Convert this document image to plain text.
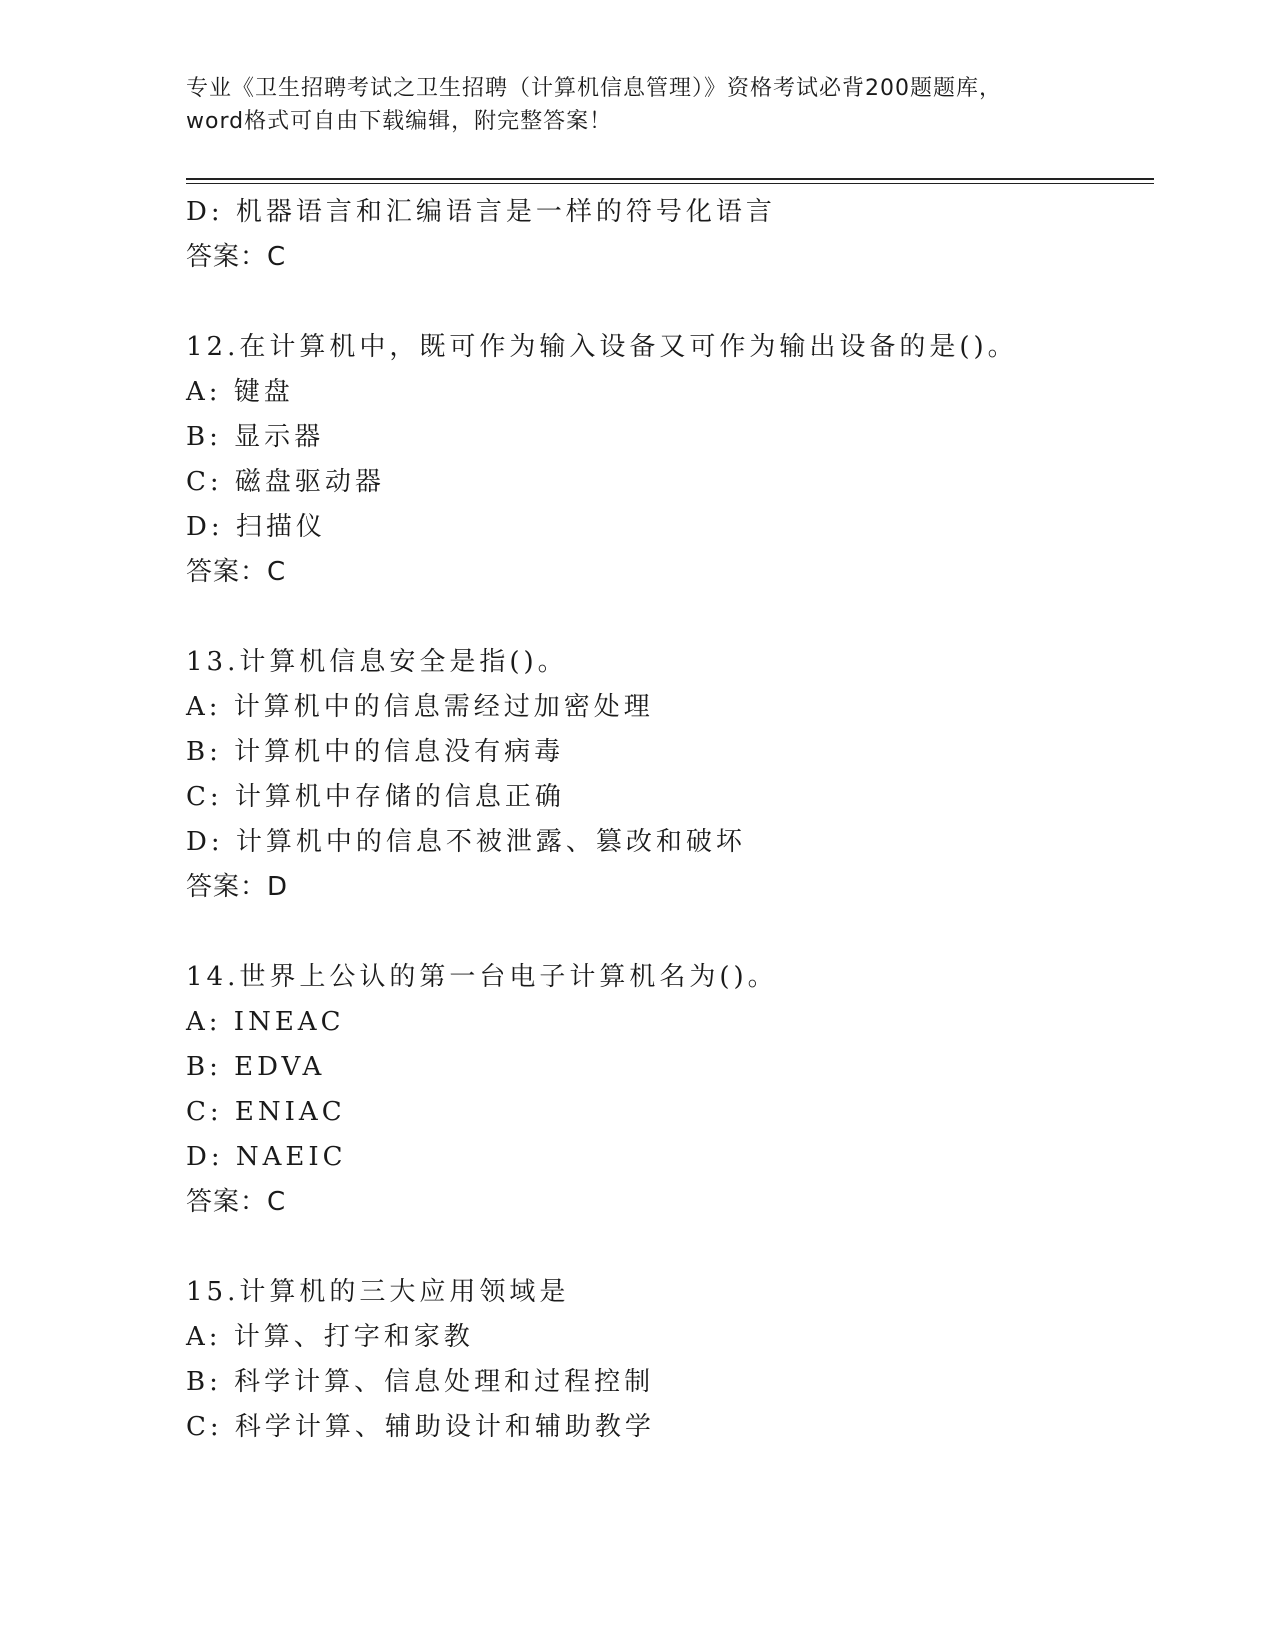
专业《卫生招聘考试之卫生招聘（计算机信息管理）》资格考试必背200题题库，
word格式可自由下载编辑，附完整答案！
D: 机器语言和汇编语言是一样的符号化语言
答案：C
12.在计算机中，既可作为输入设备又可作为输出设备的是()。
A: 键盘
B: 显示器
C: 磁盘驱动器
D: 扫描仪
答案：C
13.计算机信息安全是指()。
A: 计算机中的信息需经过加密处理
B: 计算机中的信息没有病毒
C: 计算机中存储的信息正确
D: 计算机中的信息不被泄露、篡改和破坏
答案：D
14.世界上公认的第一台电子计算机名为()。
A: INEAC
B: EDVA
C: ENIAC
D: NAEIC
答案：C
15.计算机的三大应用领域是
A: 计算、打字和家教
B: 科学计算、信息处理和过程控制
C: 科学计算、辅助设计和辅助教学
